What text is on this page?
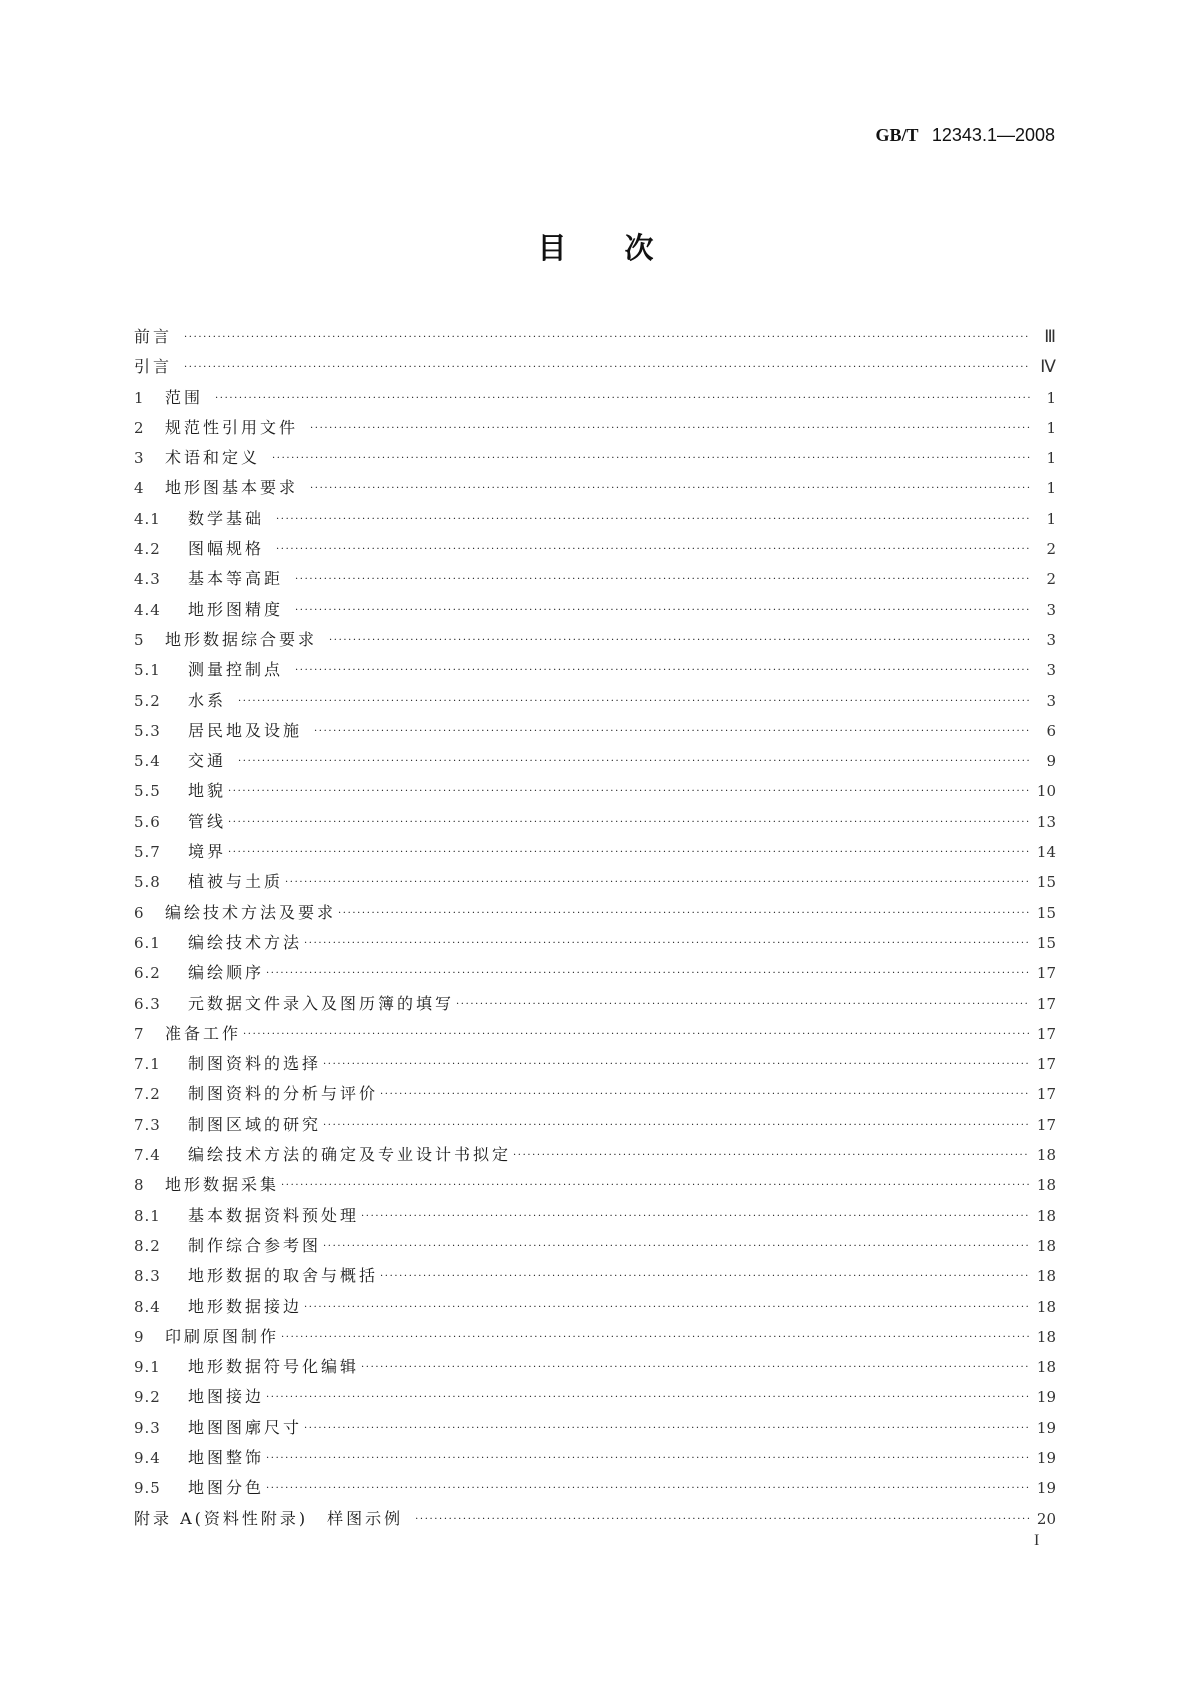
GB/T 12343.1—2008
目次
前言 ·····	Ⅲ
引言 ·····	Ⅳ
1	范围 ·····	1
2	规范性引用文件 ·····	1
3	术语和定义 ·····	1
4	地形图基本要求 ·····	1
4.1	数学基础 ·····	1
4.2	图幅规格 ·····	2
4.3	基本等高距 ·····	2
4.4	地形图精度 ·····	3
5	地形数据综合要求 ·····	3
5.1	测量控制点 ·····	3
5.2	水系 ·····	3
5.3	居民地及设施 ·····	6
5.4	交通 ·····	9
5.5	地貌 ·····	10
5.6	管线 ·····	13
5.7	境界 ·····	14
5.8	植被与土质 ·····	15
6	编绘技术方法及要求 ·····	15
6.1	编绘技术方法 ·····	15
6.2	编绘顺序 ·····	17
6.3	元数据文件录入及图历簿的填写 ·····	17
7	准备工作 ·····	17
7.1	制图资料的选择 ·····	17
7.2	制图资料的分析与评价 ·····	17
7.3	制图区域的研究 ·····	17
7.4	编绘技术方法的确定及专业设计书拟定 ·····	18
8	地形数据采集 ·····	18
8.1	基本数据资料预处理 ·····	18
8.2	制作综合参考图 ·····	18
8.3	地形数据的取舍与概括 ·····	18
8.4	地形数据接边 ·····	18
9	印刷原图制作 ·····	18
9.1	地形数据符号化编辑 ·····	18
9.2	地图接边 ·····	19
9.3	地图图廓尺寸 ·····	19
9.4	地图整饰 ·····	19
9.5	地图分色 ·····	19
附录 A(资料性附录)　样图示例 ·····	20
I
